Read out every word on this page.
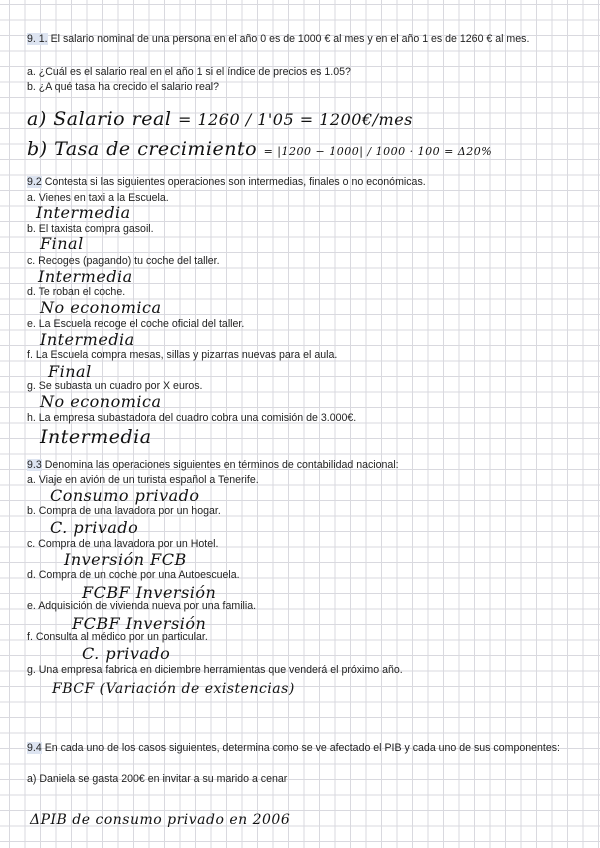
9. 1. El salario nominal de una persona en el año 0 es de 1000 € al mes y en el año 1 es de 1260 € al mes.
a. ¿Cuál es el salario real en el año 1 si el índice de precios es 1.05?
b. ¿A qué tasa ha crecido el salario real?
a) Salario real = 1260 / 1'05 = 1200€/mes
b) Tasa de crecimiento = |1200 − 1000| / 1000 · 100 = Δ20%
9.2 Contesta si las siguientes operaciones son intermedias, finales o no económicas.
a. Vienes en taxi a la Escuela.
Intermedia
b. El taxista compra gasoil.
Final
c. Recoges (pagando) tu coche del taller.
Intermedia
d. Te roban el coche.
No economica
e. La Escuela recoge el coche oficial del taller.
Intermedia
f. La Escuela compra mesas, sillas y pizarras nuevas para el aula.
Final
g. Se subasta un cuadro por X euros.
No economica
h. La empresa subastadora del cuadro cobra una comisión de 3.000€.
Intermedia
9.3 Denomina las operaciones siguientes en términos de contabilidad nacional:
a. Viaje en avión de un turista español a Tenerife.
Consumo privado
b. Compra de una lavadora por un hogar.
C. privado
c. Compra de una lavadora por un Hotel.
Inversión FCB
d. Compra de un coche por una Autoescuela.
FCBF Inversión
e. Adquisición de vivienda nueva por una familia.
FCBF Inversión
f. Consulta al médico por un particular.
C. privado
g. Una empresa fabrica en diciembre herramientas que venderá el próximo año.
FBCF (Variación de existencias)
9.4 En cada uno de los casos siguientes, determina como se ve afectado el PIB y cada uno de sus componentes:
a) Daniela se gasta 200€ en invitar a su marido a cenar
ΔPIB de consumo privado en 2006
